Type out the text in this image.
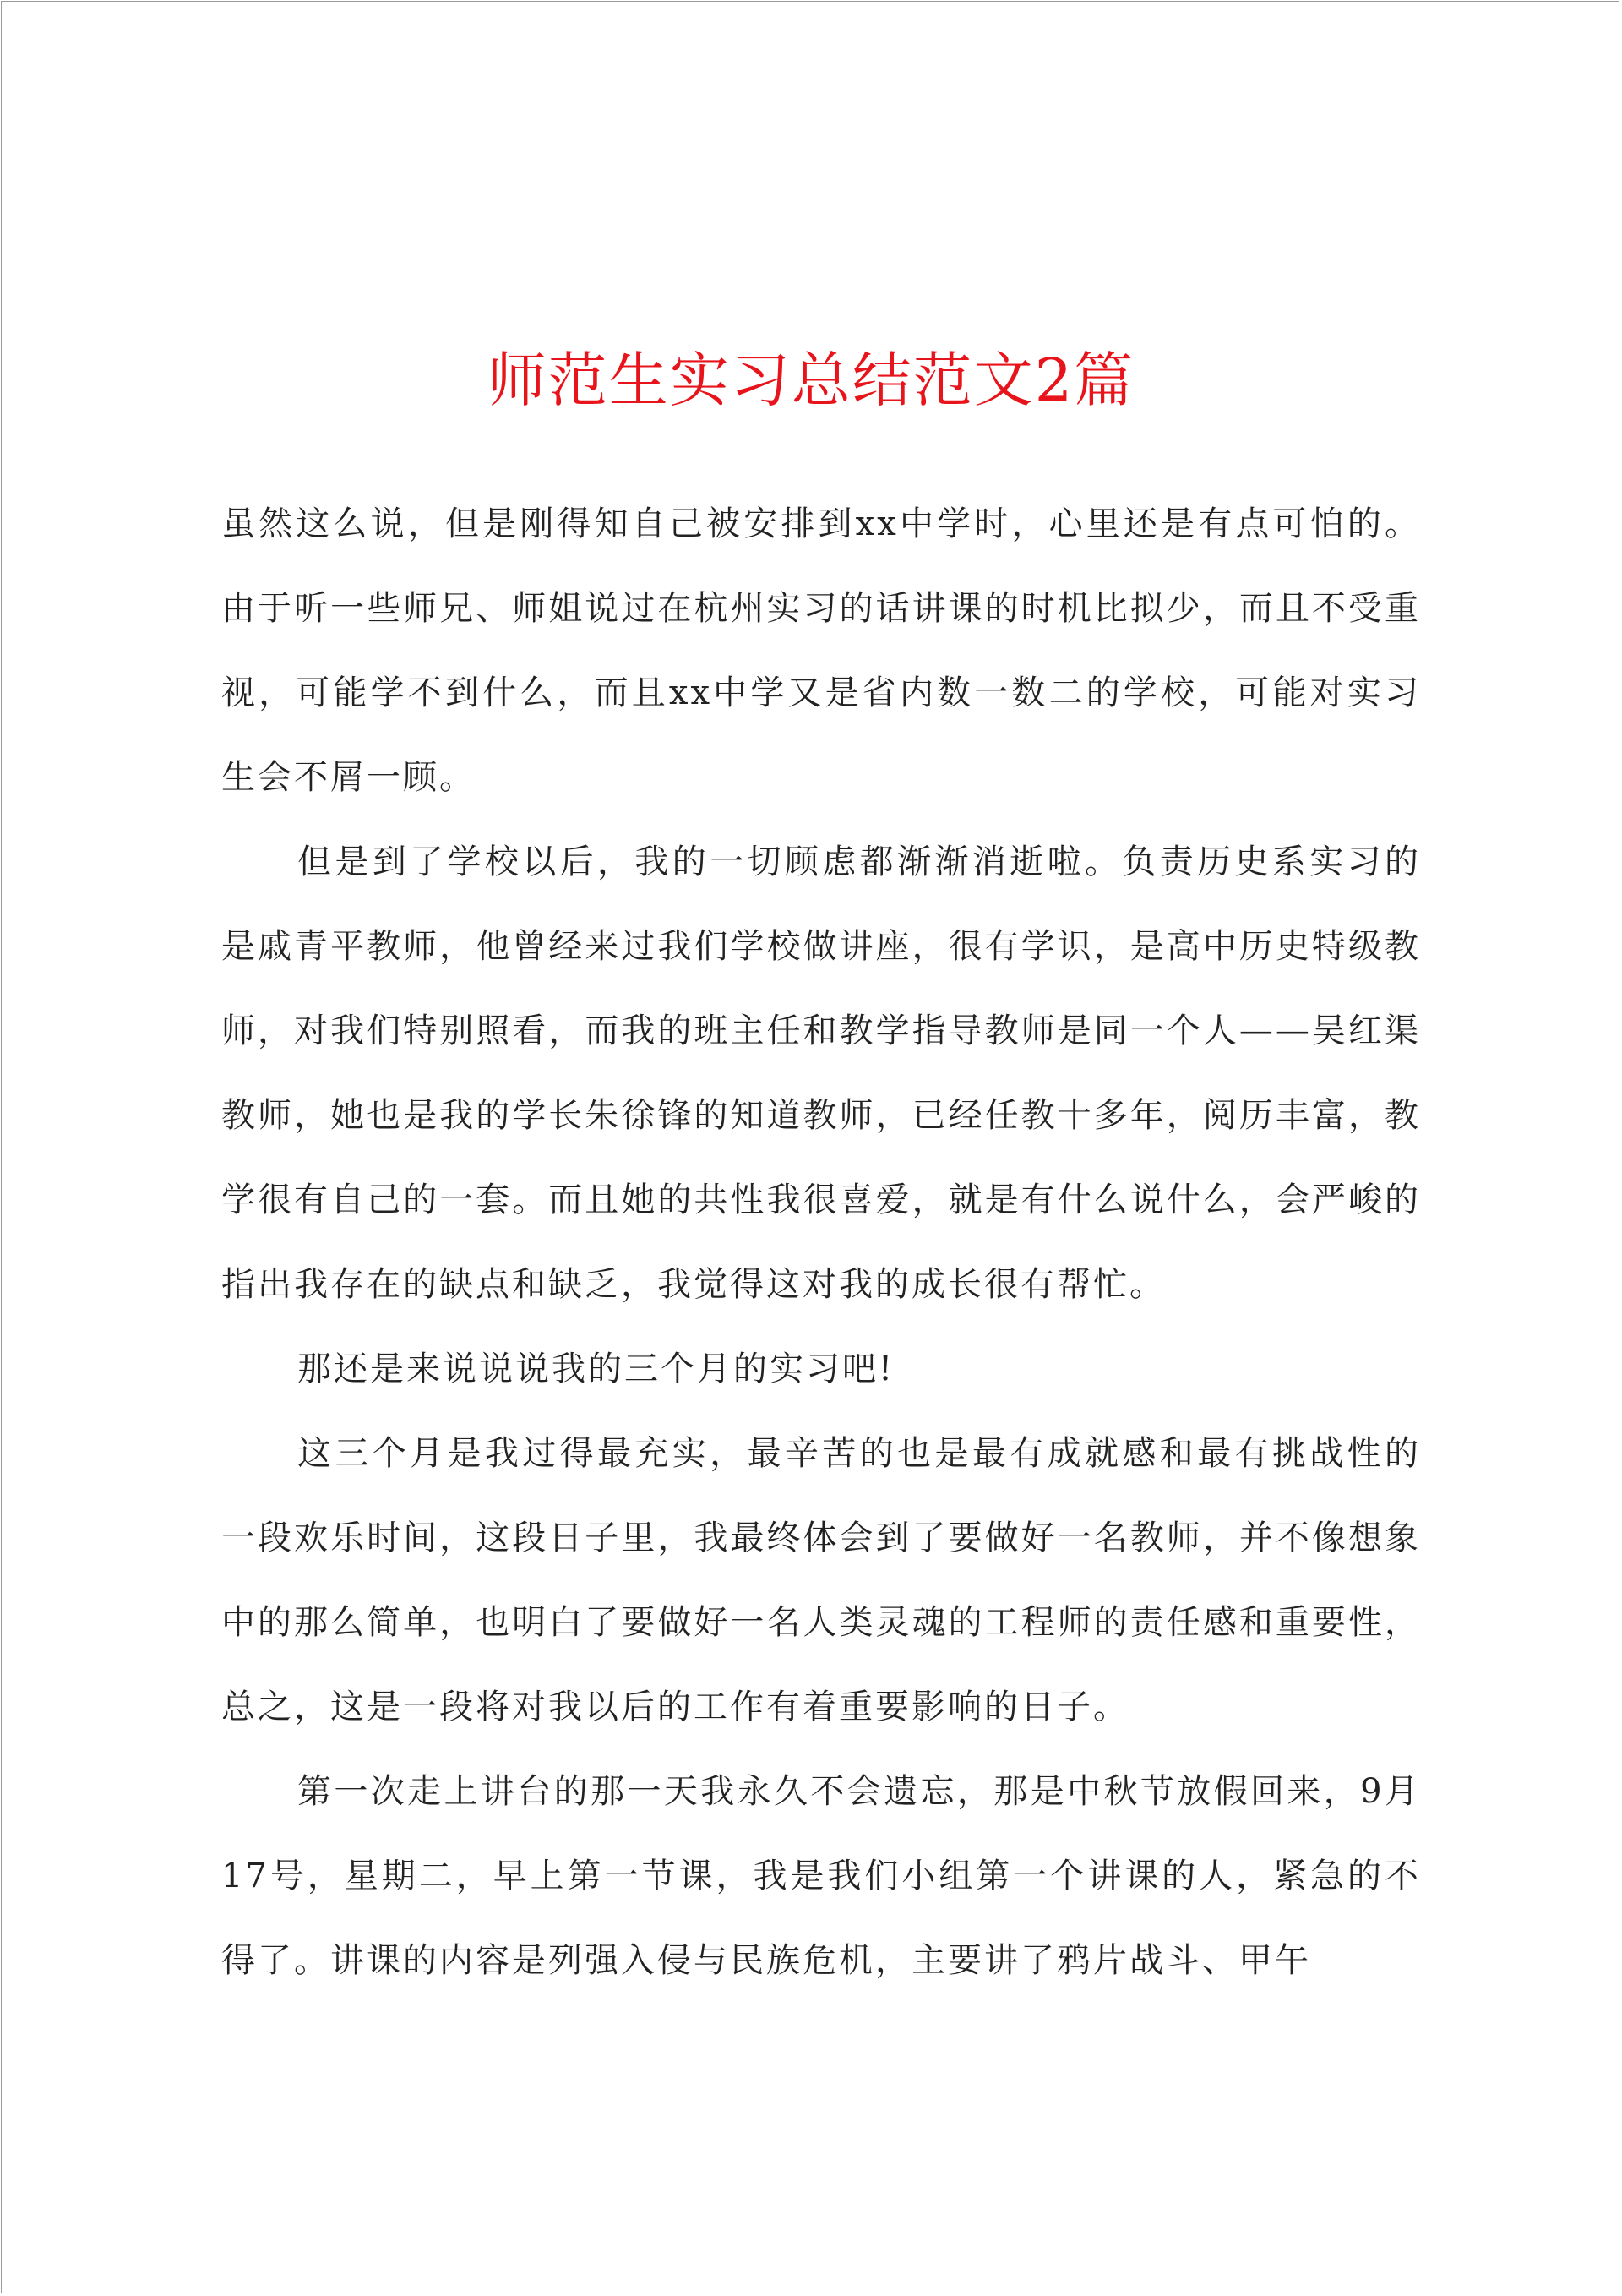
师范生实习总结范文2篇

虽然这么说，但是刚得知自己被安排到xx中学时，心里还是有点可怕的。由于听一些师兄、师姐说过在杭州实习的话讲课的时机比拟少，而且不受重视，可能学不到什么，而且xx中学又是省内数一数二的学校，可能对实习生会不屑一顾。

但是到了学校以后，我的一切顾虑都渐渐消逝啦。负责历史系实习的是戚青平教师，他曾经来过我们学校做讲座，很有学识，是高中历史特级教师，对我们特别照看，而我的班主任和教学指导教师是同一个人——吴红渠教师，她也是我的学长朱徐锋的知道教师，已经任教十多年，阅历丰富，教学很有自己的一套。而且她的共性我很喜爱，就是有什么说什么，会严峻的指出我存在的缺点和缺乏，我觉得这对我的成长很有帮忙。

那还是来说说说我的三个月的实习吧!

这三个月是我过得最充实，最辛苦的也是最有成就感和最有挑战性的一段欢乐时间，这段日子里，我最终体会到了要做好一名教师，并不像想象中的那么简单，也明白了要做好一名人类灵魂的工程师的责任感和重要性，总之，这是一段将对我以后的工作有着重要影响的日子。

第一次走上讲台的那一天我永久不会遗忘，那是中秋节放假回来，9月17号，星期二，早上第一节课，我是我们小组第一个讲课的人，紧急的不得了。讲课的内容是列强入侵与民族危机，主要讲了鸦片战斗、甲午
